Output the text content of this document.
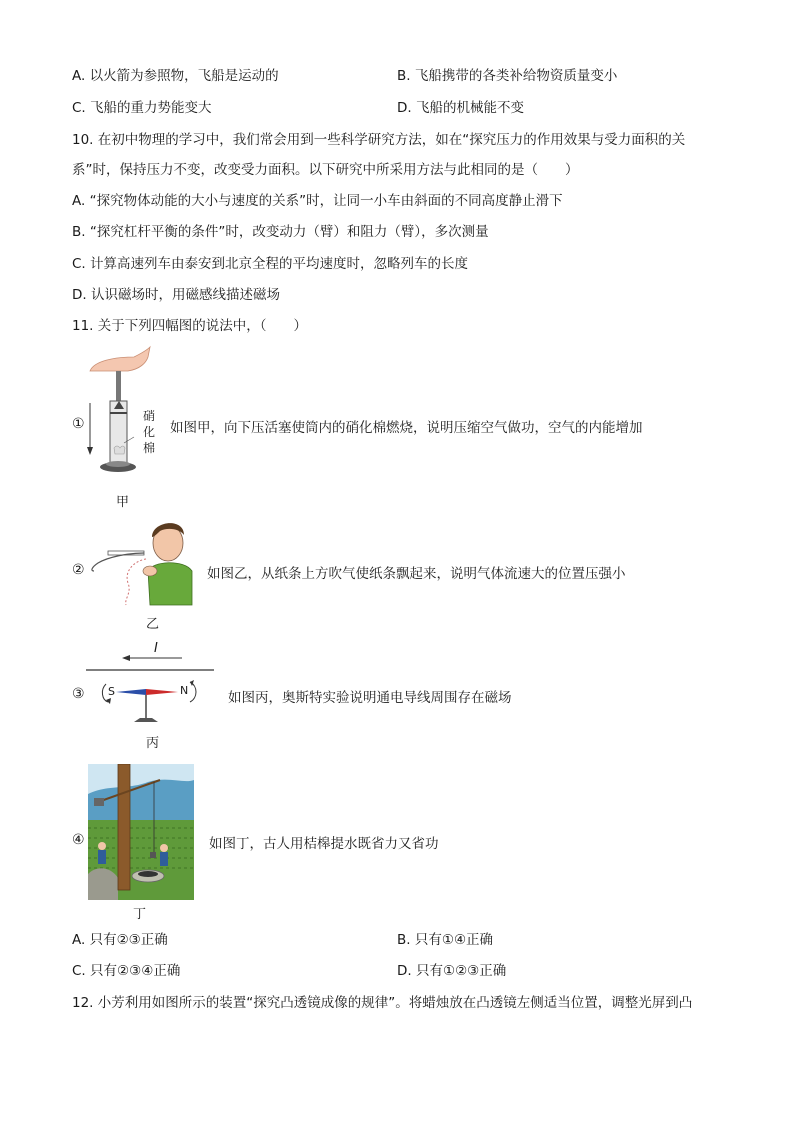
A. 以火箭为参照物，飞船是运动的	B. 飞船携带的各类补给物资质量变小
C. 飞船的重力势能变大	D. 飞船的机械能不变
10. 在初中物理的学习中，我们常会用到一些科学研究方法，如在“探究压力的作用效果与受力面积的关
系”时，保持压力不变，改变受力面积。以下研究中所采用方法与此相同的是（　　）
A. “探究物体动能的大小与速度的关系”时，让同一小车由斜面的不同高度静止滑下
B. “探究杠杆平衡的条件”时，改变动力（臂）和阻力（臂），多次测量
C. 计算高速列车由泰安到北京全程的平均速度时，忽略列车的长度
D. 认识磁场时，用磁感线描述磁场
11. 关于下列四幅图的说法中，（　　）
①	硝化棉
如图甲，向下压活塞使筒内的硝化棉燃烧，说明压缩空气做功，空气的内能增加
甲
②	如图乙，从纸条上方吹气使纸条飘起来，说明气体流速大的位置压强小
乙
③
I
S	N	如图丙，奥斯特实验说明通电导线周围存在磁场
丙
④	如图丁，古人用桔槔提水既省力又省功
丁
A. 只有②③正确	B. 只有①④正确
C. 只有②③④正确	D. 只有①②③正确
12. 小芳利用如图所示的装置“探究凸透镜成像的规律”。将蜡烛放在凸透镜左侧适当位置，调整光屏到凸
